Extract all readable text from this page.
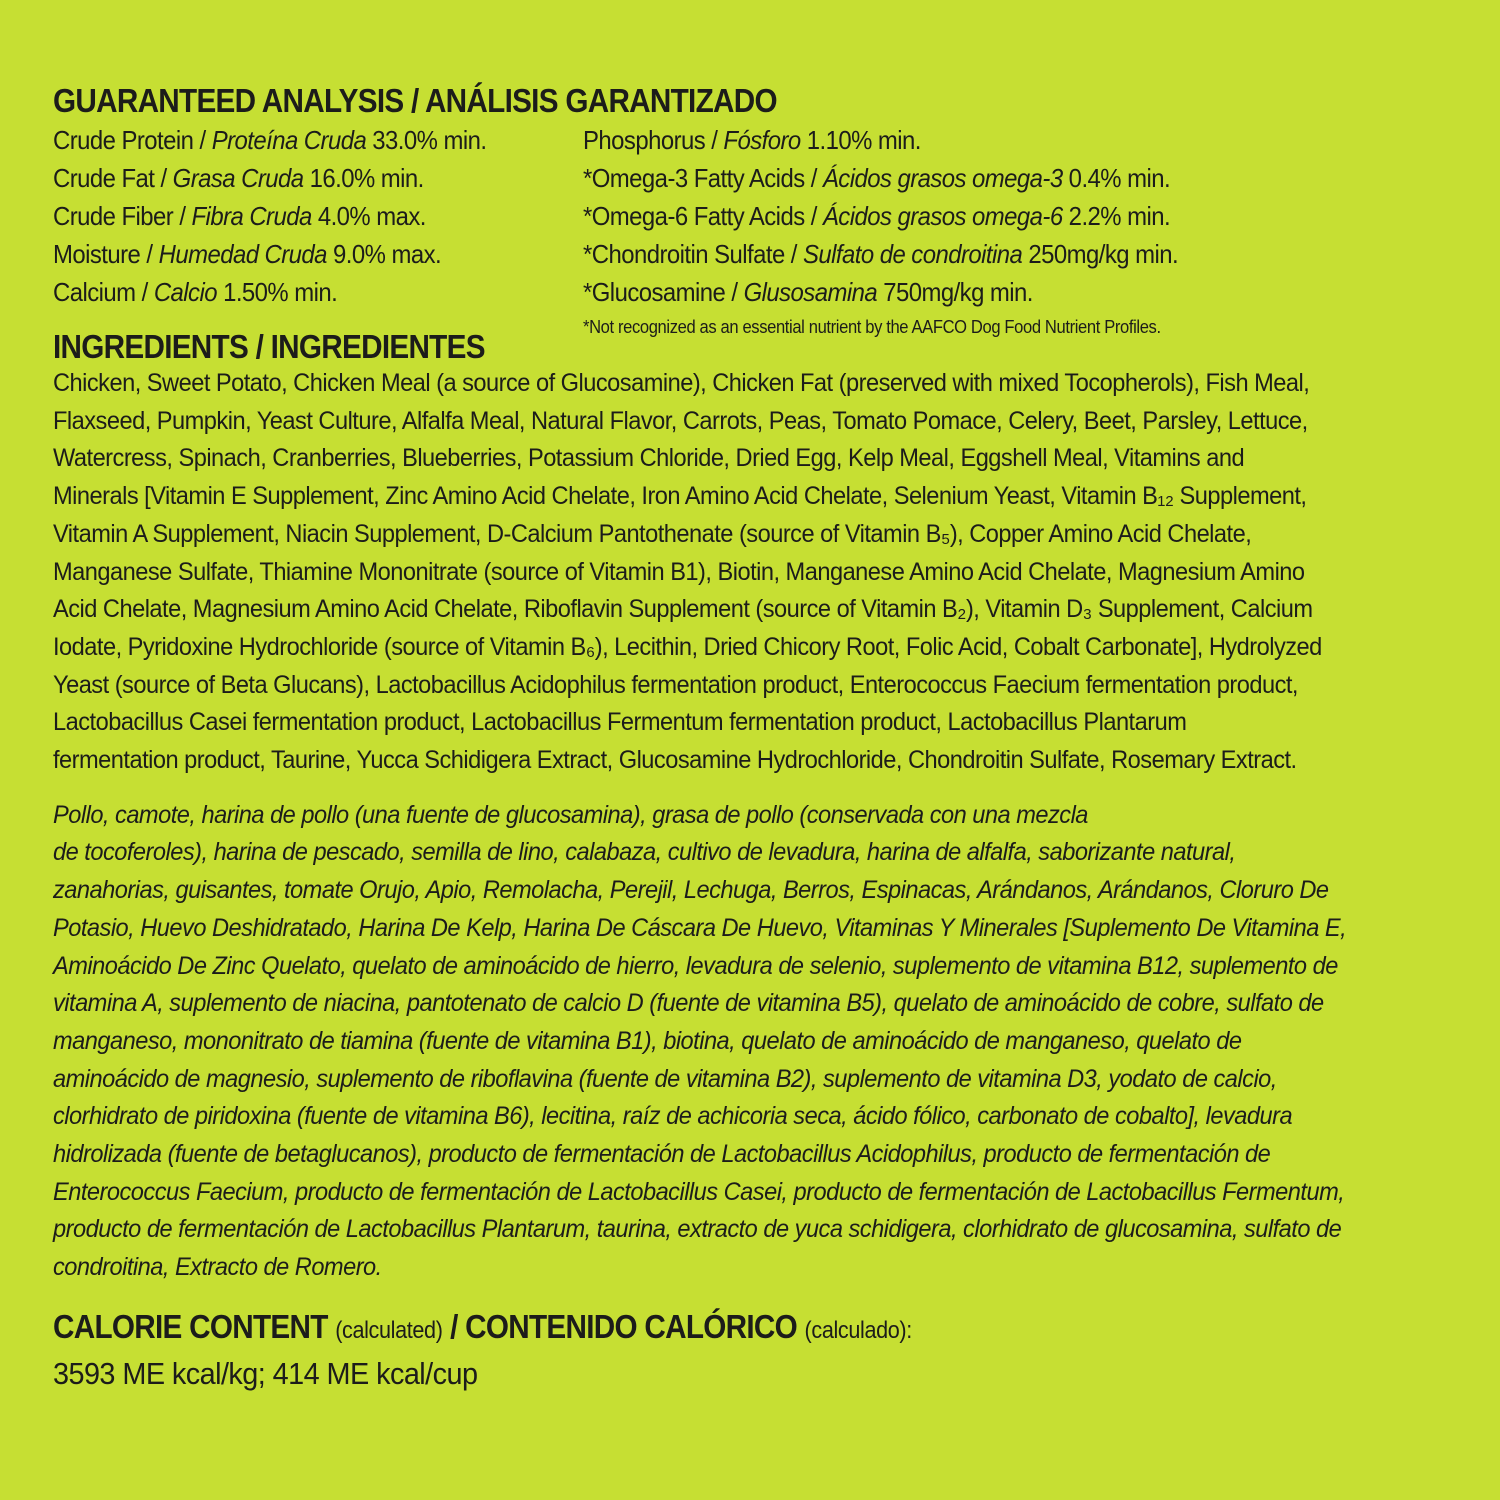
GUARANTEED ANALYSIS / ANÁLISIS GARANTIZADO
Crude Protein / Proteína Cruda 33.0% min.
Crude Fat / Grasa Cruda 16.0% min.
Crude Fiber / Fibra Cruda 4.0% max.
Moisture / Humedad Cruda 9.0% max.
Calcium / Calcio 1.50% min.
Phosphorus / Fósforo 1.10% min.
*Omega-3 Fatty Acids / Ácidos grasos omega-3 0.4% min.
*Omega-6 Fatty Acids / Ácidos grasos omega-6 2.2% min.
*Chondroitin Sulfate / Sulfato de condroitina 250mg/kg min.
*Glucosamine / Glusosamina 750mg/kg min.
*Not recognized as an essential nutrient by the AAFCO Dog Food Nutrient Profiles.
INGREDIENTS / INGREDIENTES
Chicken, Sweet Potato, Chicken Meal (a source of Glucosamine), Chicken Fat (preserved with mixed Tocopherols), Fish Meal,
Flaxseed, Pumpkin, Yeast Culture, Alfalfa Meal, Natural Flavor, Carrots, Peas, Tomato Pomace, Celery, Beet, Parsley, Lettuce,
Watercress, Spinach, Cranberries, Blueberries, Potassium Chloride, Dried Egg, Kelp Meal, Eggshell Meal, Vitamins and
Minerals [Vitamin E Supplement, Zinc Amino Acid Chelate, Iron Amino Acid Chelate, Selenium Yeast, Vitamin B₁₂ Supplement,
Vitamin A Supplement, Niacin Supplement, D-Calcium Pantothenate (source of Vitamin B₅), Copper Amino Acid Chelate,
Manganese Sulfate, Thiamine Mononitrate (source of Vitamin B1), Biotin, Manganese Amino Acid Chelate, Magnesium Amino
Acid Chelate, Magnesium Amino Acid Chelate, Riboflavin Supplement (source of Vitamin B₂), Vitamin D₃ Supplement, Calcium
Iodate, Pyridoxine Hydrochloride (source of Vitamin B₆), Lecithin, Dried Chicory Root, Folic Acid, Cobalt Carbonate], Hydrolyzed
Yeast (source of Beta Glucans), Lactobacillus Acidophilus fermentation product, Enterococcus Faecium fermentation product,
Lactobacillus Casei fermentation product, Lactobacillus Fermentum fermentation product, Lactobacillus Plantarum
fermentation product, Taurine, Yucca Schidigera Extract, Glucosamine Hydrochloride, Chondroitin Sulfate, Rosemary Extract.
Pollo, camote, harina de pollo (una fuente de glucosamina), grasa de pollo (conservada con una mezcla
de tocoferoles), harina de pescado, semilla de lino, calabaza, cultivo de levadura, harina de alfalfa, saborizante natural,
zanahorias, guisantes, tomate Orujo, Apio, Remolacha, Perejil, Lechuga, Berros, Espinacas, Arándanos, Arándanos, Cloruro De
Potasio, Huevo Deshidratado, Harina De Kelp, Harina De Cáscara De Huevo, Vitaminas Y Minerales [Suplemento De Vitamina E,
Aminoácido De Zinc Quelato, quelato de aminoácido de hierro, levadura de selenio, suplemento de vitamina B12, suplemento de
vitamina A, suplemento de niacina, pantotenato de calcio D (fuente de vitamina B5), quelato de aminoácido de cobre, sulfato de
manganeso, mononitrato de tiamina (fuente de vitamina B1), biotina, quelato de aminoácido de manganeso, quelato de
aminoácido de magnesio, suplemento de riboflavina (fuente de vitamina B2), suplemento de vitamina D3, yodato de calcio,
clorhidrato de piridoxina (fuente de vitamina B6), lecitina, raíz de achicoria seca, ácido fólico, carbonato de cobalto], levadura
hidrolizada (fuente de betaglucanos), producto de fermentación de Lactobacillus Acidophilus, producto de fermentación de
Enterococcus Faecium, producto de fermentación de Lactobacillus Casei, producto de fermentación de Lactobacillus Fermentum,
producto de fermentación de Lactobacillus Plantarum, taurina, extracto de yuca schidigera, clorhidrato de glucosamina, sulfato de
condroitina, Extracto de Romero.
CALORIE CONTENT (calculated) / CONTENIDO CALÓRICO (calculado):
3593 ME kcal/kg; 414 ME kcal/cup
